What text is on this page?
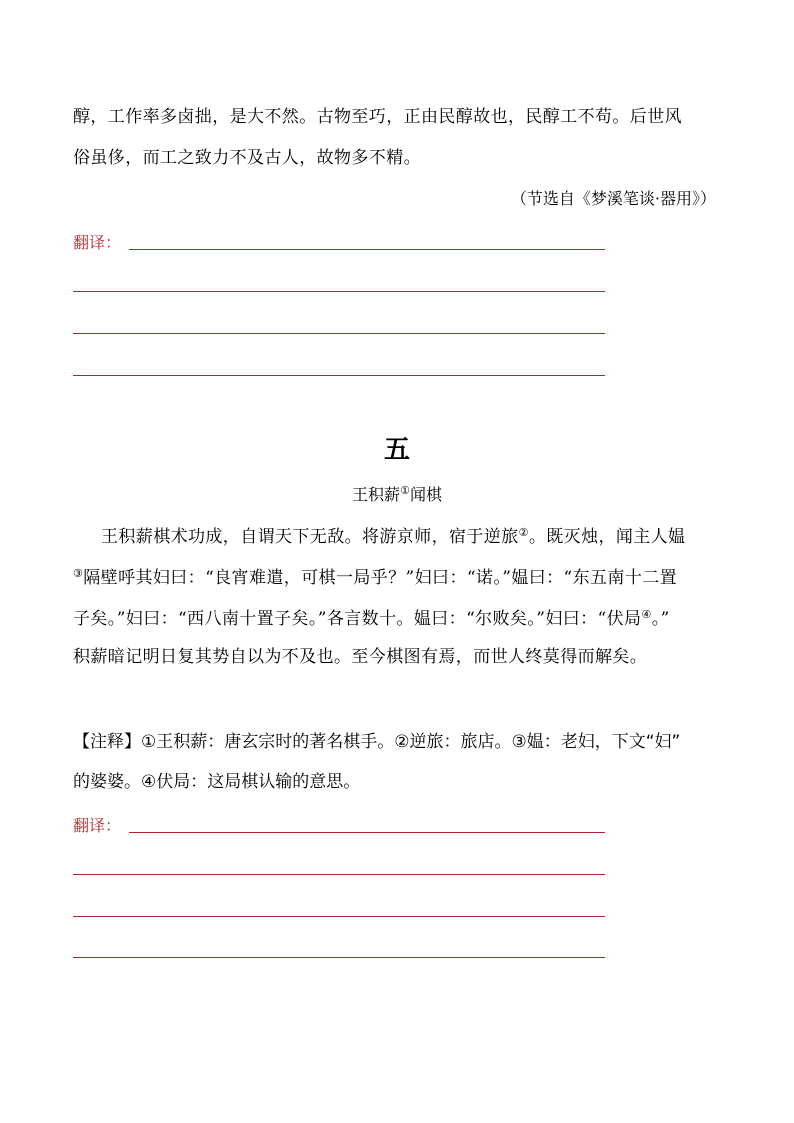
醇，工作率多卤拙，是大不然。古物至巧，正由民醇故也，民醇工不苟。后世风
俗虽侈，而工之致力不及古人，故物多不精。
（节选自《梦溪笔谈·器用》）
翻译：
五
王积薪①闻棋
王积薪棋术功成，自谓天下无敌。将游京师，宿于逆旅②。既灭烛，闻主人媪
③隔壁呼其妇曰：“良宵难遣，可棋一局乎？”妇曰：“诺。”媪曰：“东五南十二置
子矣。”妇曰：“西八南十置子矣。”各言数十。媪曰：“尔败矣。”妇曰：“伏局④。”
积薪暗记明日复其势自以为不及也。至今棋图有焉，而世人终莫得而解矣。
【注释】①王积薪：唐玄宗时的著名棋手。②逆旅：旅店。③媪：老妇，下文“妇”
的婆婆。④伏局：这局棋认输的意思。
翻译：
